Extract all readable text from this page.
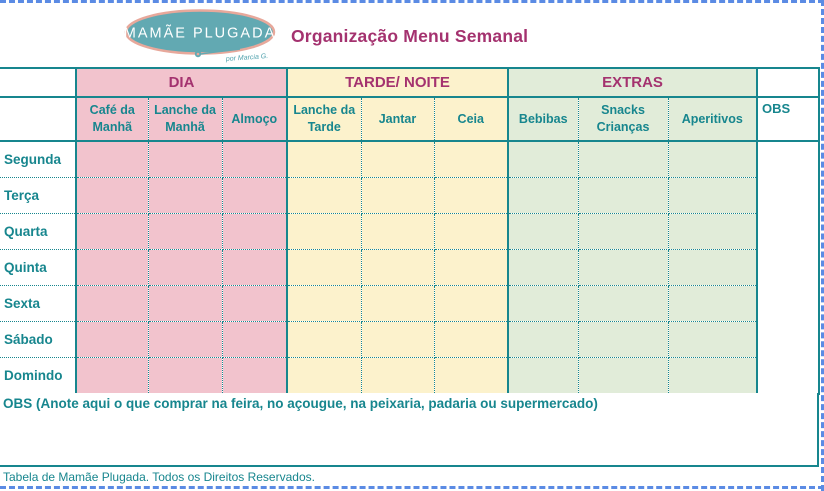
MAMÃE PLUGADA
por Marcia G.
Organização Menu Semanal
	DIA			TARDE/ NOITE			EXTRAS			
	Café da Manhã	Lanche da Manhã	Almoço	Lanche da Tarde	Jantar	Ceia	Bebibas	Snacks Crianças	Aperitivos	OBS
Segunda										
Terça										
Quarta										
Quinta										
Sexta										
Sábado										
Domindo										
OBS (Anote aqui o que comprar na feira, no açougue, na peixaria, padaria ou supermercado)
Tabela de Mamãe Plugada. Todos os Direitos Reservados.
